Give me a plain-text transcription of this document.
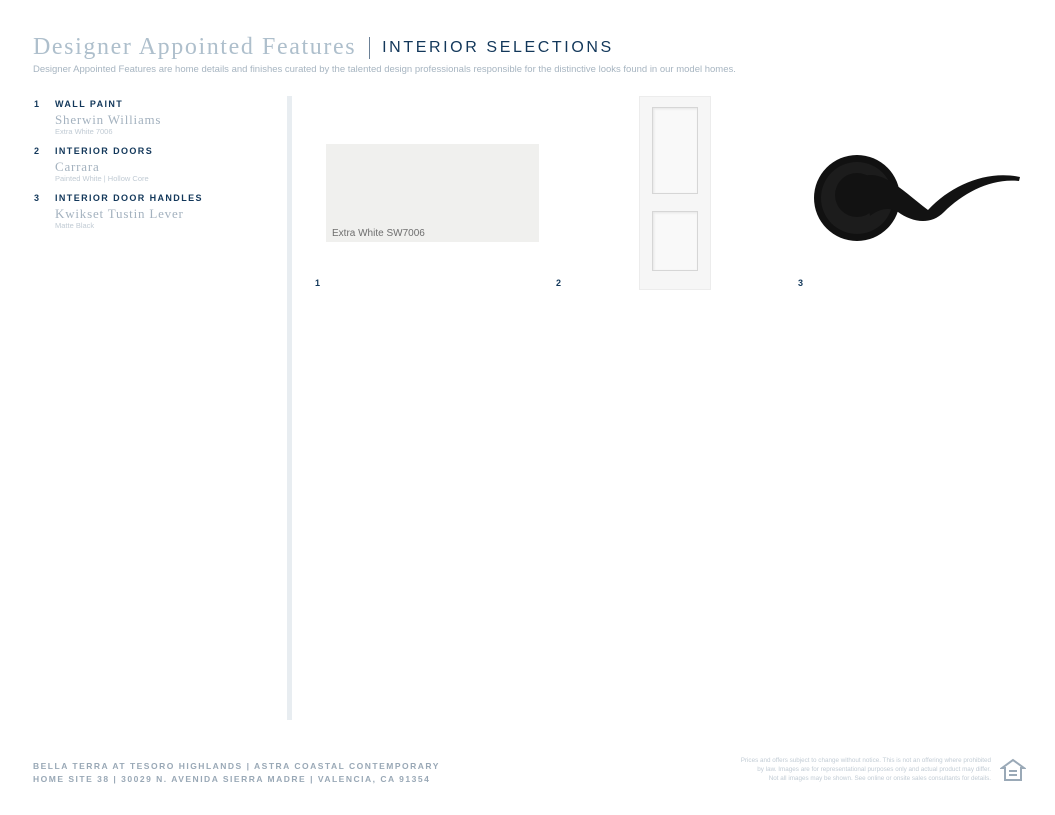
Designer Appointed Features INTERIOR SELECTIONS
Designer Appointed Features are home details and finishes curated by the talented design professionals responsible for the distinctive looks found in our model homes.
1	WALL PAINT
Sherwin Williams
Extra White 7006
2	INTERIOR DOORS
Carrara
Painted White | Hollow Core
3	INTERIOR DOOR HANDLES
Kwikset Tustin Lever
Matte Black
Extra White SW7006
1	2	3
BELLA TERRA AT TESORO HIGHLANDS | ASTRA COASTAL CONTEMPORARY
HOME SITE 38 | 30029 N. AVENIDA SIERRA MADRE | VALENCIA, CA 91354
Prices and offers subject to change without notice. This is not an offering where prohibited
by law. Images are for representational purposes only and actual product may differ.
Not all images may be shown. See online or onsite sales consultants for details.
